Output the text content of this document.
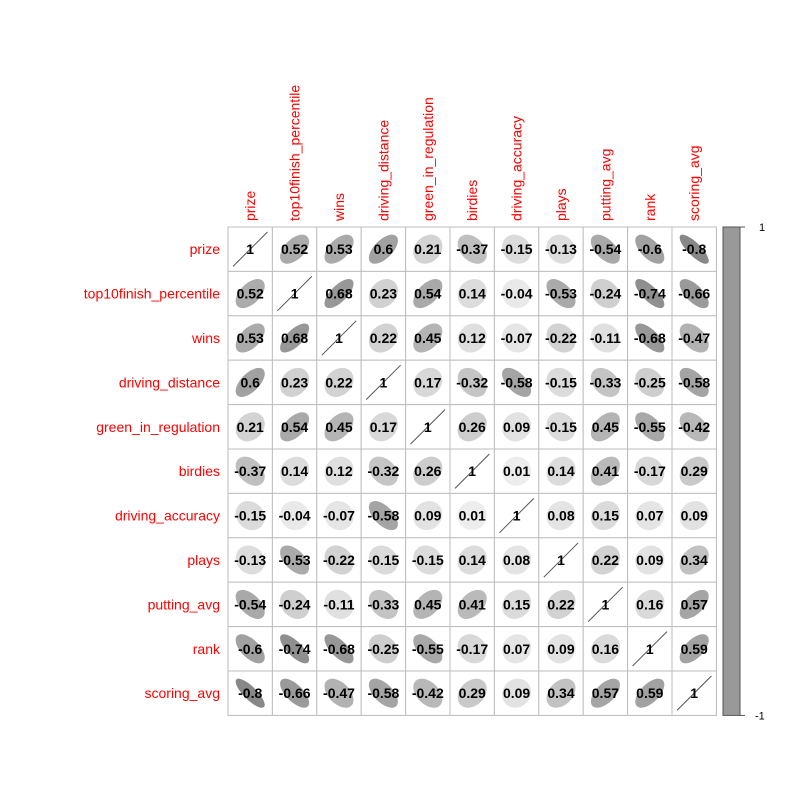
1 0.52 0.53 0.6 0.21 -0.37 -0.15 -0.13 -0.54 -0.6 -0.8
0.52 1 0.68 0.23 0.54 0.14 -0.04 -0.53 -0.24 -0.74 -0.66
0.53 0.68 1 0.22 0.45 0.12 -0.07 -0.22 -0.11 -0.68 -0.47
0.6 0.23 0.22 1 0.17 -0.32 -0.58 -0.15 -0.33 -0.25 -0.58
0.21 0.54 0.45 0.17 1 0.26 0.09 -0.15 0.45 -0.55 -0.42
-0.37 0.14 0.12 -0.32 0.26 1 0.01 0.14 0.41 -0.17 0.29
-0.15 -0.04 -0.07 -0.58 0.09 0.01 1 0.08 0.15 0.07 0.09
-0.13 -0.53 -0.22 -0.15 -0.15 0.14 0.08 1 0.22 0.09 0.34
-0.54 -0.24 -0.11 -0.33 0.45 0.41 0.15 0.22 1 0.16 0.57
-0.6 -0.74 -0.68 -0.25 -0.55 -0.17 0.07 0.09 0.16 1 0.59
-0.8 -0.66 -0.47 -0.58 -0.42 0.29 0.09 0.34 0.57 0.59 1
prize
top10finish_percentile
wins
driving_distance
green_in_regulation
birdies
driving_accuracy
plays
putting_avg
rank
scoring_avg
prize top10finish_percentile wins driving_distance green_in_regulation birdies driving_accuracy plays putting_avg rank scoring_avg
1
-1
